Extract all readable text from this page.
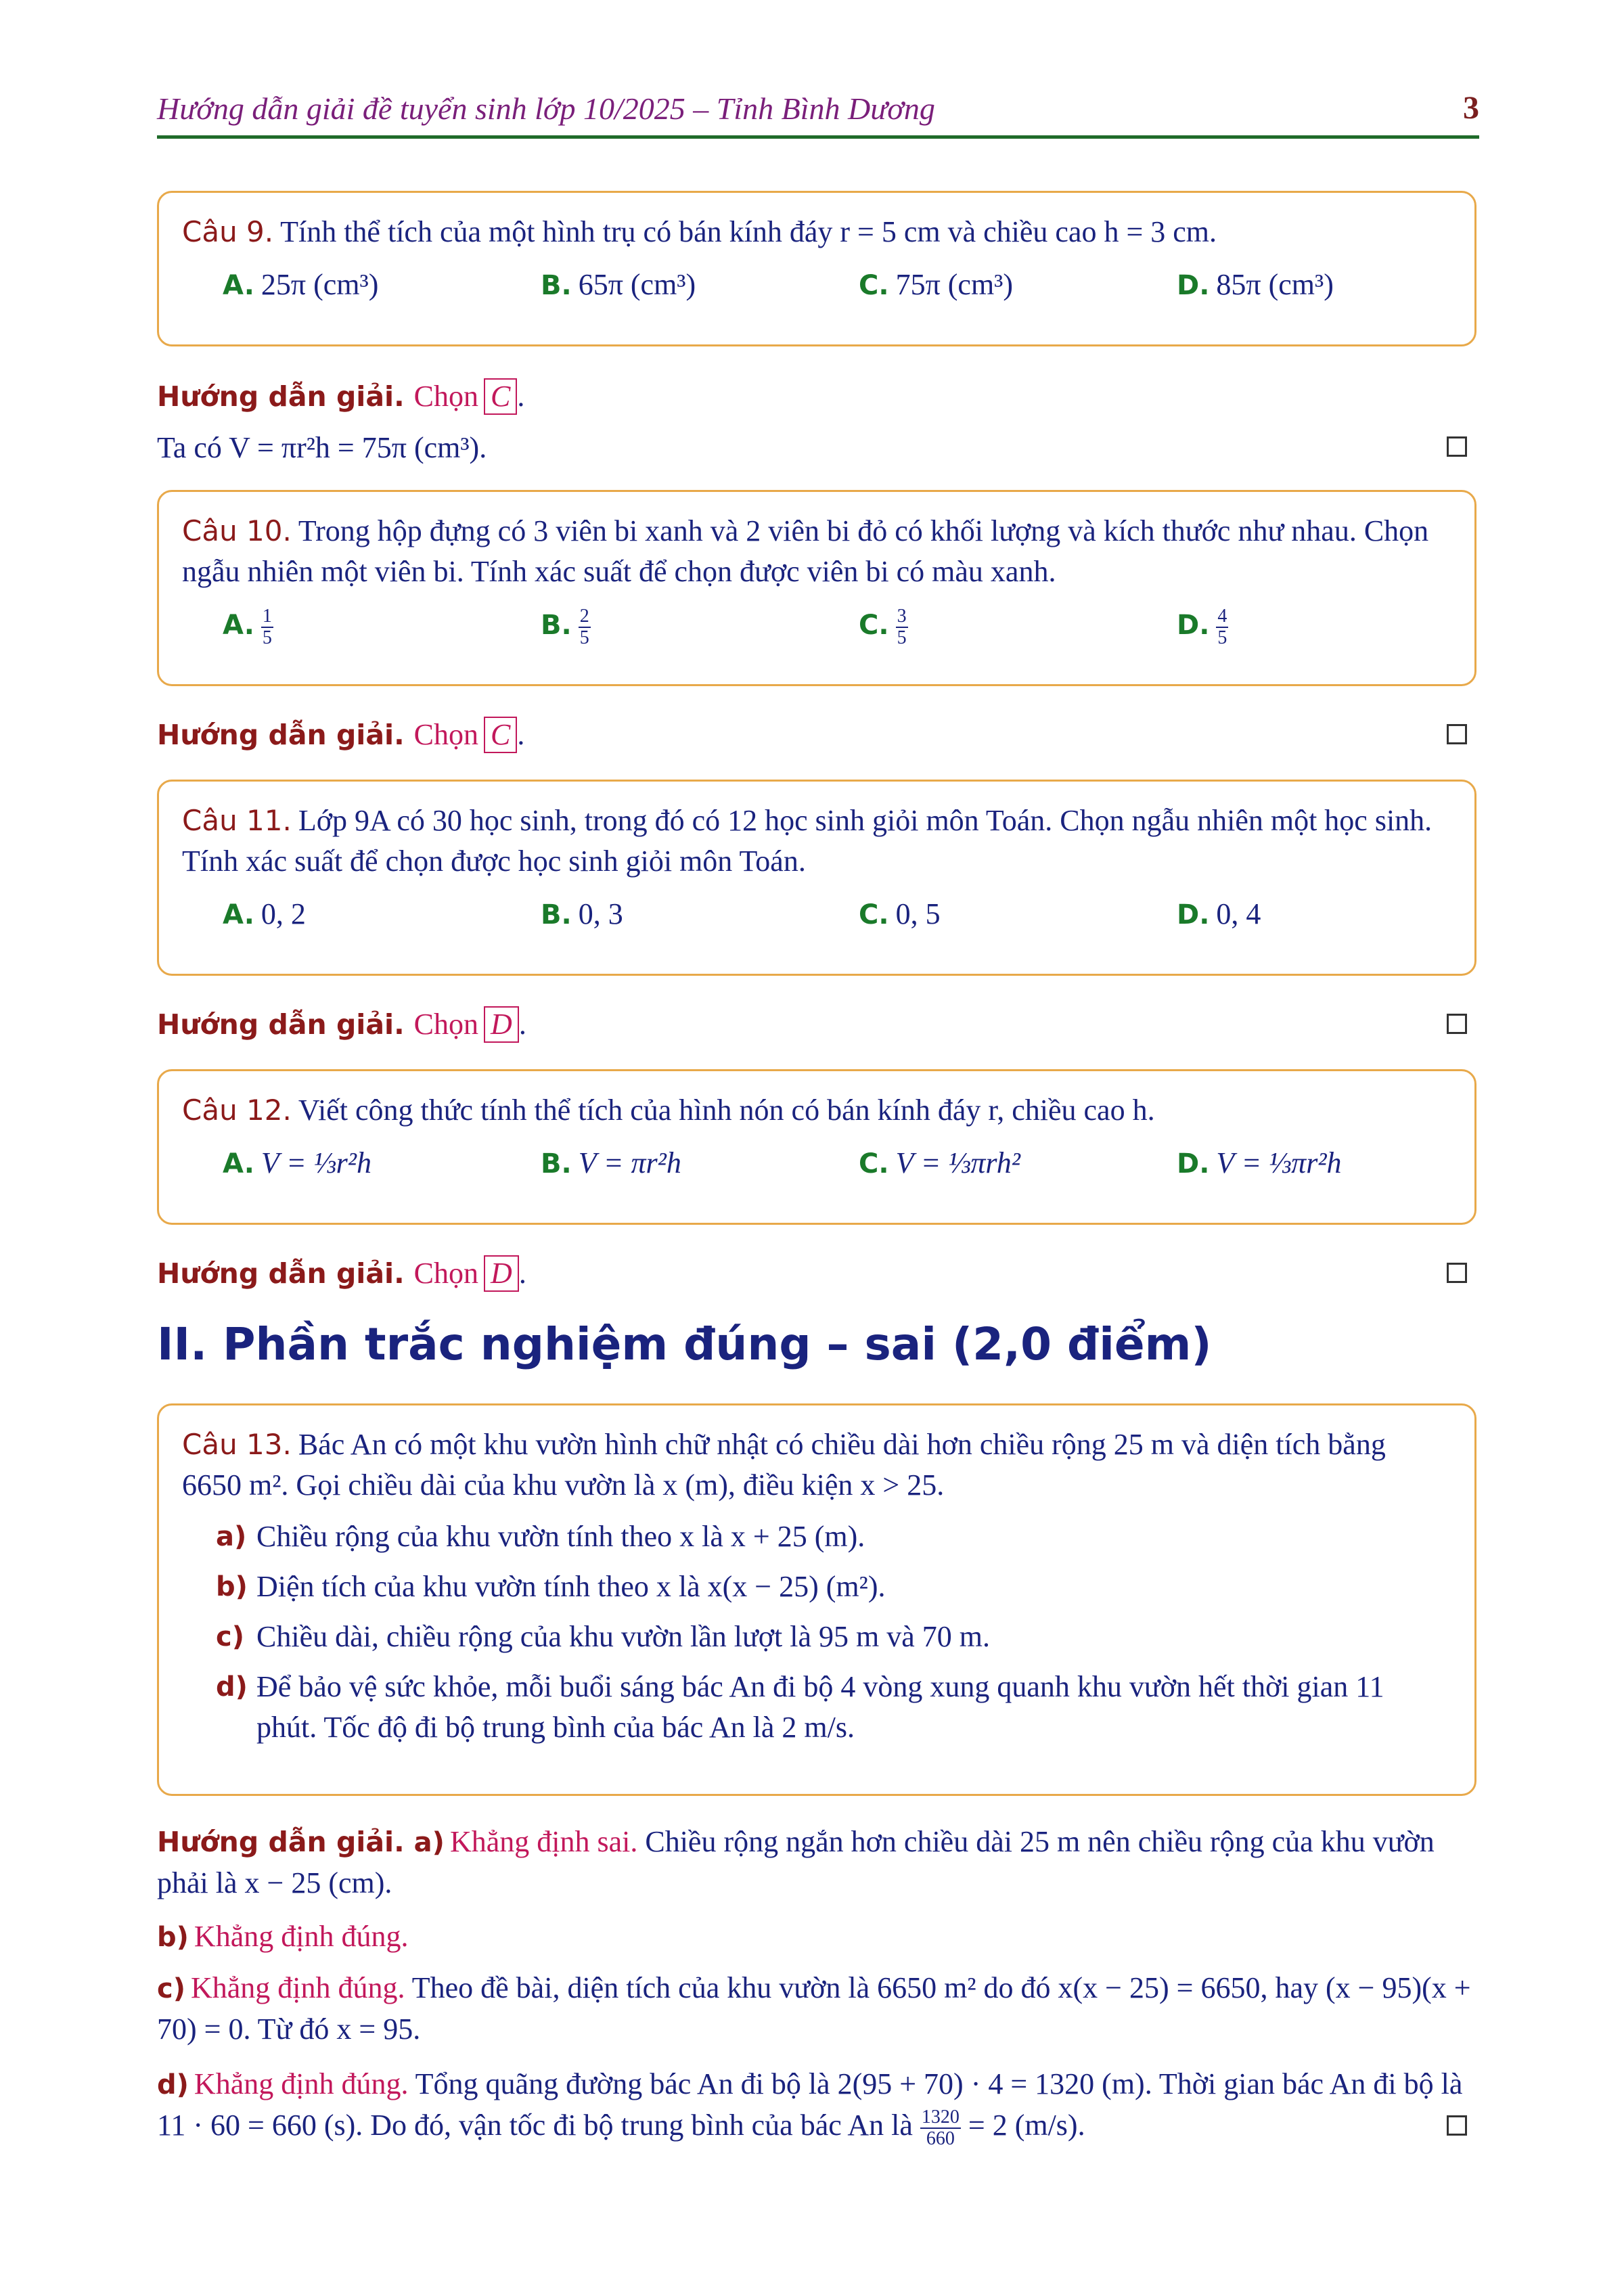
Hướng dẫn giải đề tuyển sinh lớp 10/2025 – Tỉnh Bình Dương	3
Câu 9. Tính thể tích của một hình trụ có bán kính đáy r = 5 cm và chiều cao h = 3 cm.
A. 25π (cm³)	B. 65π (cm³)	C. 75π (cm³)	D. 85π (cm³)
Hướng dẫn giải. Chọn C .
Ta có V = πr²h = 75π (cm³).
Câu 10. Trong hộp đựng có 3 viên bi xanh và 2 viên bi đỏ có khối lượng và kích thước như nhau. Chọn ngẫu nhiên một viên bi. Tính xác suất để chọn được viên bi có màu xanh.
A. $\frac{1}{5}$	B. $\frac{2}{5}$	C. $\frac{3}{5}$	D. $\frac{4}{5}$
Hướng dẫn giải. Chọn C .
Câu 11. Lớp 9A có 30 học sinh, trong đó có 12 học sinh giỏi môn Toán. Chọn ngẫu nhiên một học sinh. Tính xác suất để chọn được học sinh giỏi môn Toán.
A. 0, 2	B. 0, 3	C. 0, 5	D. 0, 4
Hướng dẫn giải. Chọn D .
Câu 12. Viết công thức tính thể tích của hình nón có bán kính đáy r, chiều cao h.
A. V = ⅓r²h	B. V = πr²h	C. V = ⅓πrh²	D. V = ⅓πr²h
Hướng dẫn giải. Chọn D .
II. Phần trắc nghiệm đúng – sai (2,0 điểm)
Câu 13. Bác An có một khu vườn hình chữ nhật có chiều dài hơn chiều rộng 25 m và diện tích bằng 6650 m². Gọi chiều dài của khu vườn là x (m), điều kiện x > 25.
a) Chiều rộng của khu vườn tính theo x là x + 25 (m).
b) Diện tích của khu vườn tính theo x là x(x − 25) (m²).
c) Chiều dài, chiều rộng của khu vườn lần lượt là 95 m và 70 m.
d) Để bảo vệ sức khỏe, mỗi buổi sáng bác An đi bộ 4 vòng xung quanh khu vườn hết thời gian 11 phút. Tốc độ đi bộ trung bình của bác An là 2 m/s.
Hướng dẫn giải. a) Khẳng định sai. Chiều rộng ngắn hơn chiều dài 25 m nên chiều rộng của khu vườn phải là x − 25 (cm).
b) Khẳng định đúng.
c) Khẳng định đúng. Theo đề bài, diện tích của khu vườn là 6650 m² do đó x(x − 25) = 6650, hay (x − 95)(x + 70) = 0. Từ đó x = 95.
d) Khẳng định đúng. Tổng quãng đường bác An đi bộ là 2(95 + 70) · 4 = 1320 (m). Thời gian bác An đi bộ là 11 · 60 = 660 (s). Do đó, vận tốc đi bộ trung bình của bác An là $\frac{1320}{660} = 2$ (m/s).
